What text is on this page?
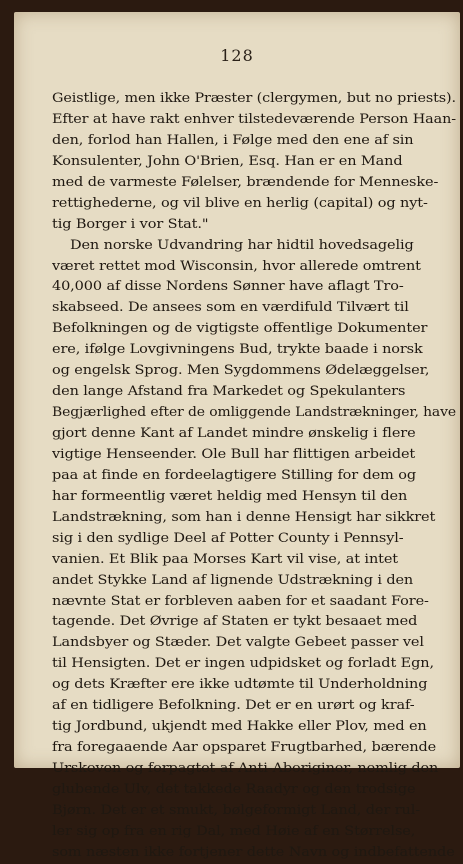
128
Geistlige, men ikke Præster (clergymen, but no priests).
Efter at have rakt enhver tilstedeværende Person Haan-
den, forlod han Hallen, i Følge med den ene af sin
Konsulenter, John O'Brien, Esq. Han er en Mand
med de varmeste Følelser, brændende for Menneske-
rettighederne, og vil blive en herlig (capital) og nyt-
tig Borger i vor Stat."
Den norske Udvandring har hidtil hovedsagelig
været rettet mod Wisconsin, hvor allerede omtrent
40,000 af disse Nordens Sønner have aflagt Tro-
skabseed. De ansees som en værdifuld Tilvært til
Befolkningen og de vigtigste offentlige Dokumenter
ere, ifølge Lovgivningens Bud, trykte baade i norsk
og engelsk Sprog. Men Sygdommens Ødelæggelser,
den lange Afstand fra Markedet og Spekulanters
Begjærlighed efter de omliggende Landstrækninger, have
gjort denne Kant af Landet mindre ønskelig i flere
vigtige Henseender. Ole Bull har flittigen arbeidet
paa at finde en fordeelagtigere Stilling for dem og
har formeentlig været heldig med Hensyn til den
Landstrækning, som han i denne Hensigt har sikkret
sig i den sydlige Deel af Potter County i Pennsyl-
vanien. Et Blik paa Morses Kart vil vise, at intet
andet Stykke Land af lignende Udstrækning i den
nævnte Stat er forbleven aaben for et saadant Fore-
tagende. Det Øvrige af Staten er tykt besaaet med
Landsbyer og Stæder. Det valgte Gebeet passer vel
til Hensigten. Det er ingen udpidsket og forladt Egn,
og dets Kræfter ere ikke udtømte til Underholdning
af en tidligere Befolkning. Det er en urørt og kraf-
tig Jordbund, ukjendt med Hakke eller Plov, med en
fra foregaaende Aar opsparet Frugtbarhed, bærende
Urskoven og forpagtet af Anti-Aboriginer, nemlig den
glubende Ulv, det takkede Raadyr og den trodsige
Bjørn. Det er et smukt, bølgeformigt Land, der rul-
ler sig op fra en rig Dal, med Høie af en Størrelse,
som næsten ikke fortjener dette Navn og indbefattende
